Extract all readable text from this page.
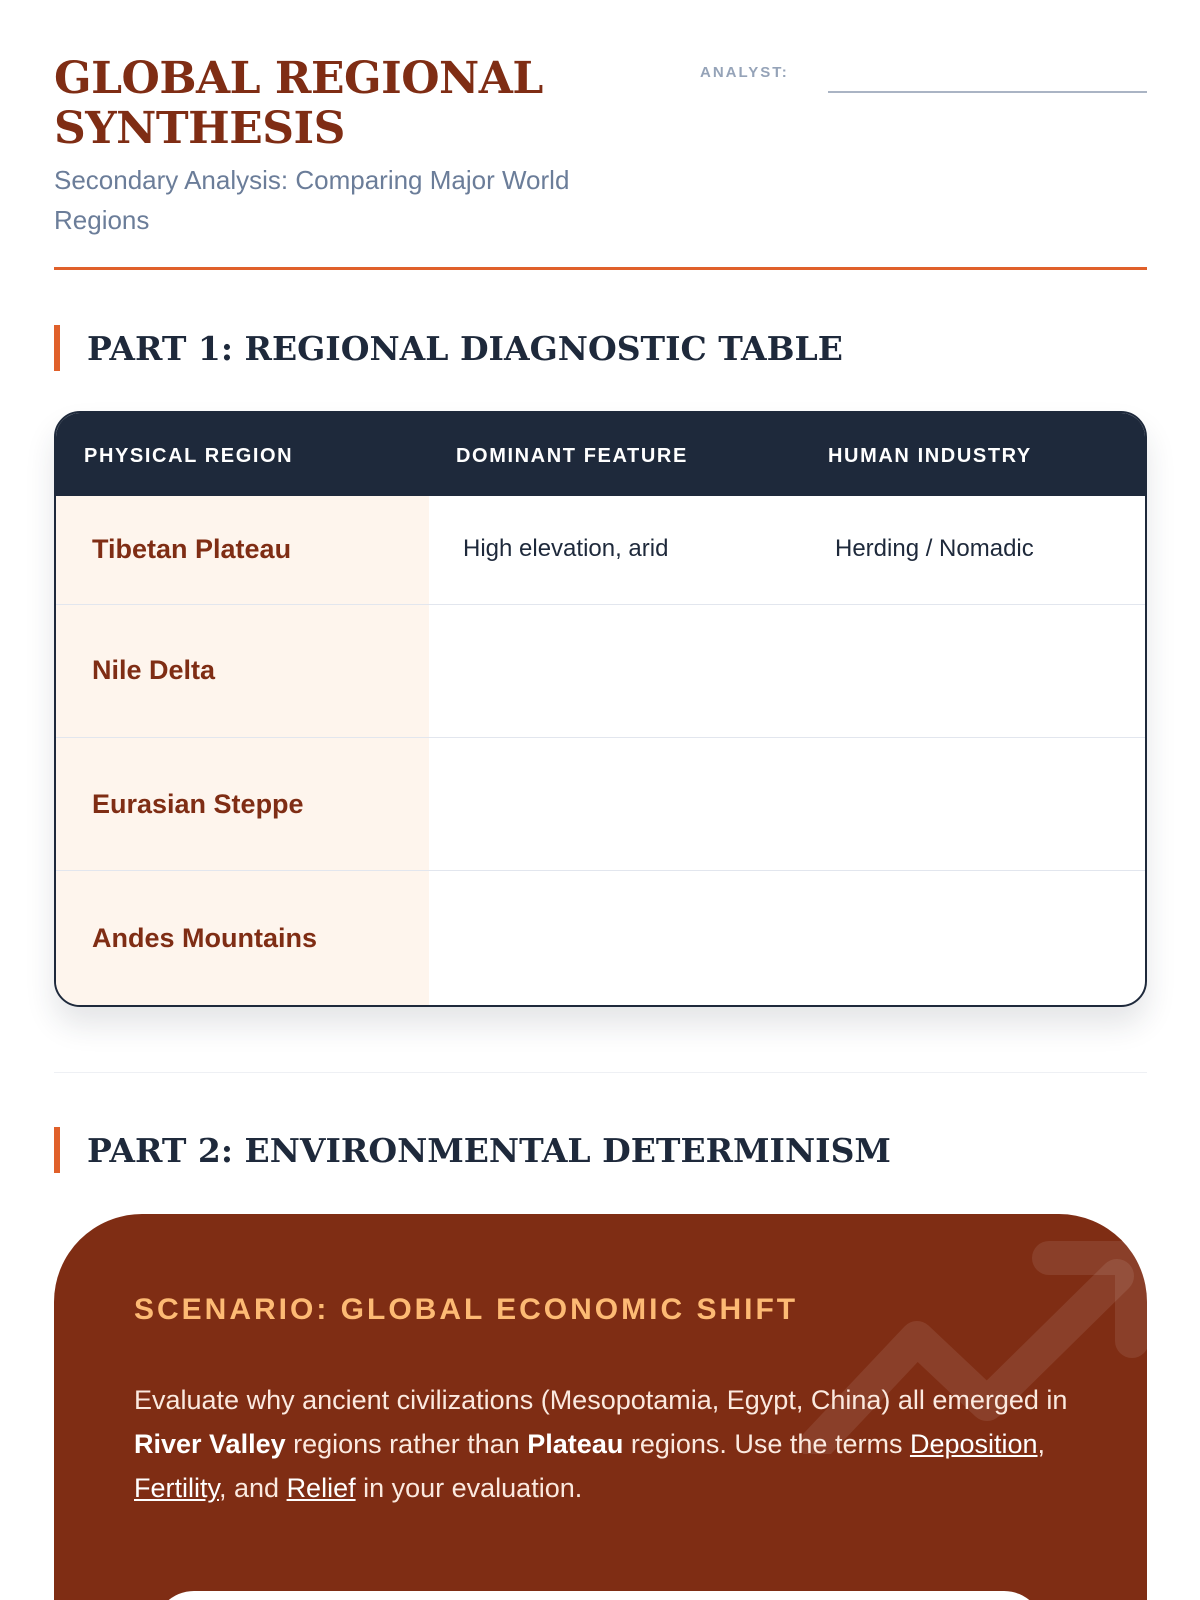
GLOBAL REGIONAL SYNTHESIS
Secondary Analysis: Comparing Major World Regions
ANALYST:
PART 1: REGIONAL DIAGNOSTIC TABLE
PHYSICAL REGION	DOMINANT FEATURE	HUMAN INDUSTRY
Tibetan Plateau	High elevation, arid	Herding / Nomadic
Nile Delta
Eurasian Steppe
Andes Mountains
PART 2: ENVIRONMENTAL DETERMINISM
SCENARIO: GLOBAL ECONOMIC SHIFT
Evaluate why ancient civilizations (Mesopotamia, Egypt, China) all emerged in River Valley regions rather than Plateau regions. Use the terms Deposition, Fertility, and Relief in your evaluation.
